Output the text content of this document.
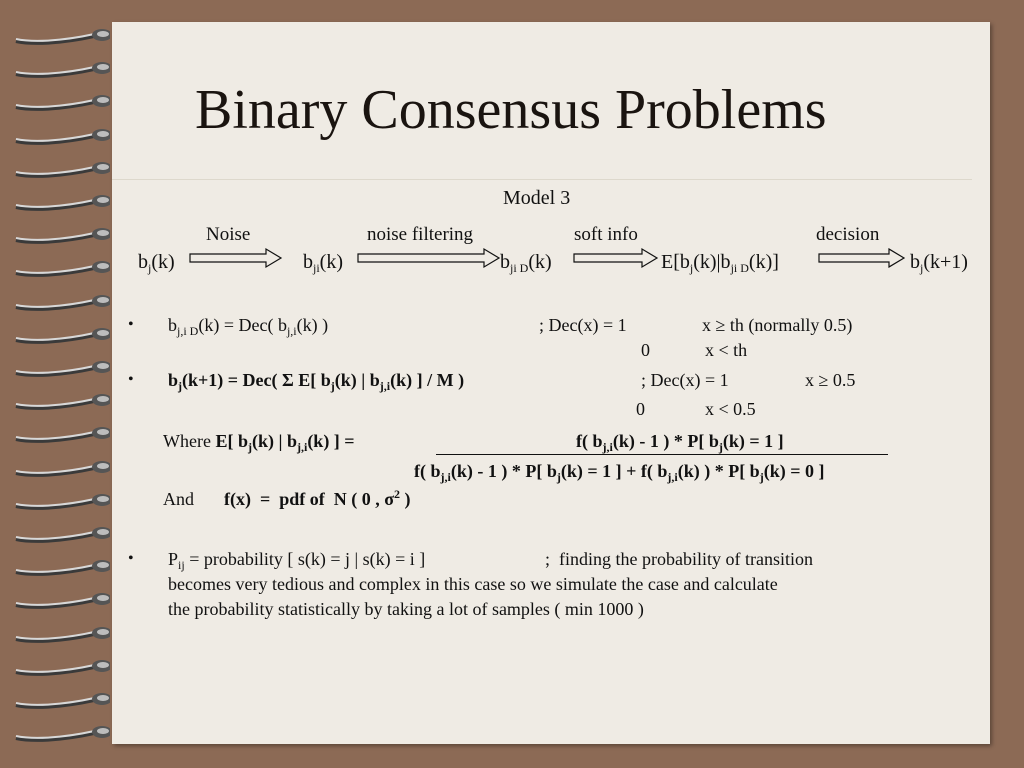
Binary Consensus Problems
Model 3
Noise	noise filtering	soft info	decision
$b_j(k)$	$b_{ji}(k)$	$b_{ji D}(k)$	$E[b_j(k)|b_{ji D}(k)]$	$b_j(k+1)$
• $b_{j,i D}(k) = Dec$( $b_{j,i}(k)$ )	; Dec(x) = 1	x ≥ th (normally 0.5)
0	x < th
• $b_j(k+1) = Dec$( Σ E[ $b_j(k)$ | $b_{j,i}(k)$ ] / M )	; Dec(x) = 1	x ≥ 0.5
0	x < 0.5
Where E[ $b_j(k)$ | $b_{j,i}(k)$ ] =	f( $b_{j,i}(k) - 1$ ) * P[ $b_j(k) = 1$ ]
f( $b_{j,i}(k) - 1$ ) * P[ $b_j(k) = 1$ ] + f( $b_{j,i}(k)$ ) * P[ $b_j(k) = 0$ ]
And f(x)  =  pdf of  N ( 0 , $\sigma^2$ )
• $P_{ij}$ = probability [ s(k) = j | s(k) = i ]	;  finding the probability of transition
becomes very tedious and complex in this case so we simulate the case and calculate
the probability statistically by taking a lot of samples ( min 1000 )
